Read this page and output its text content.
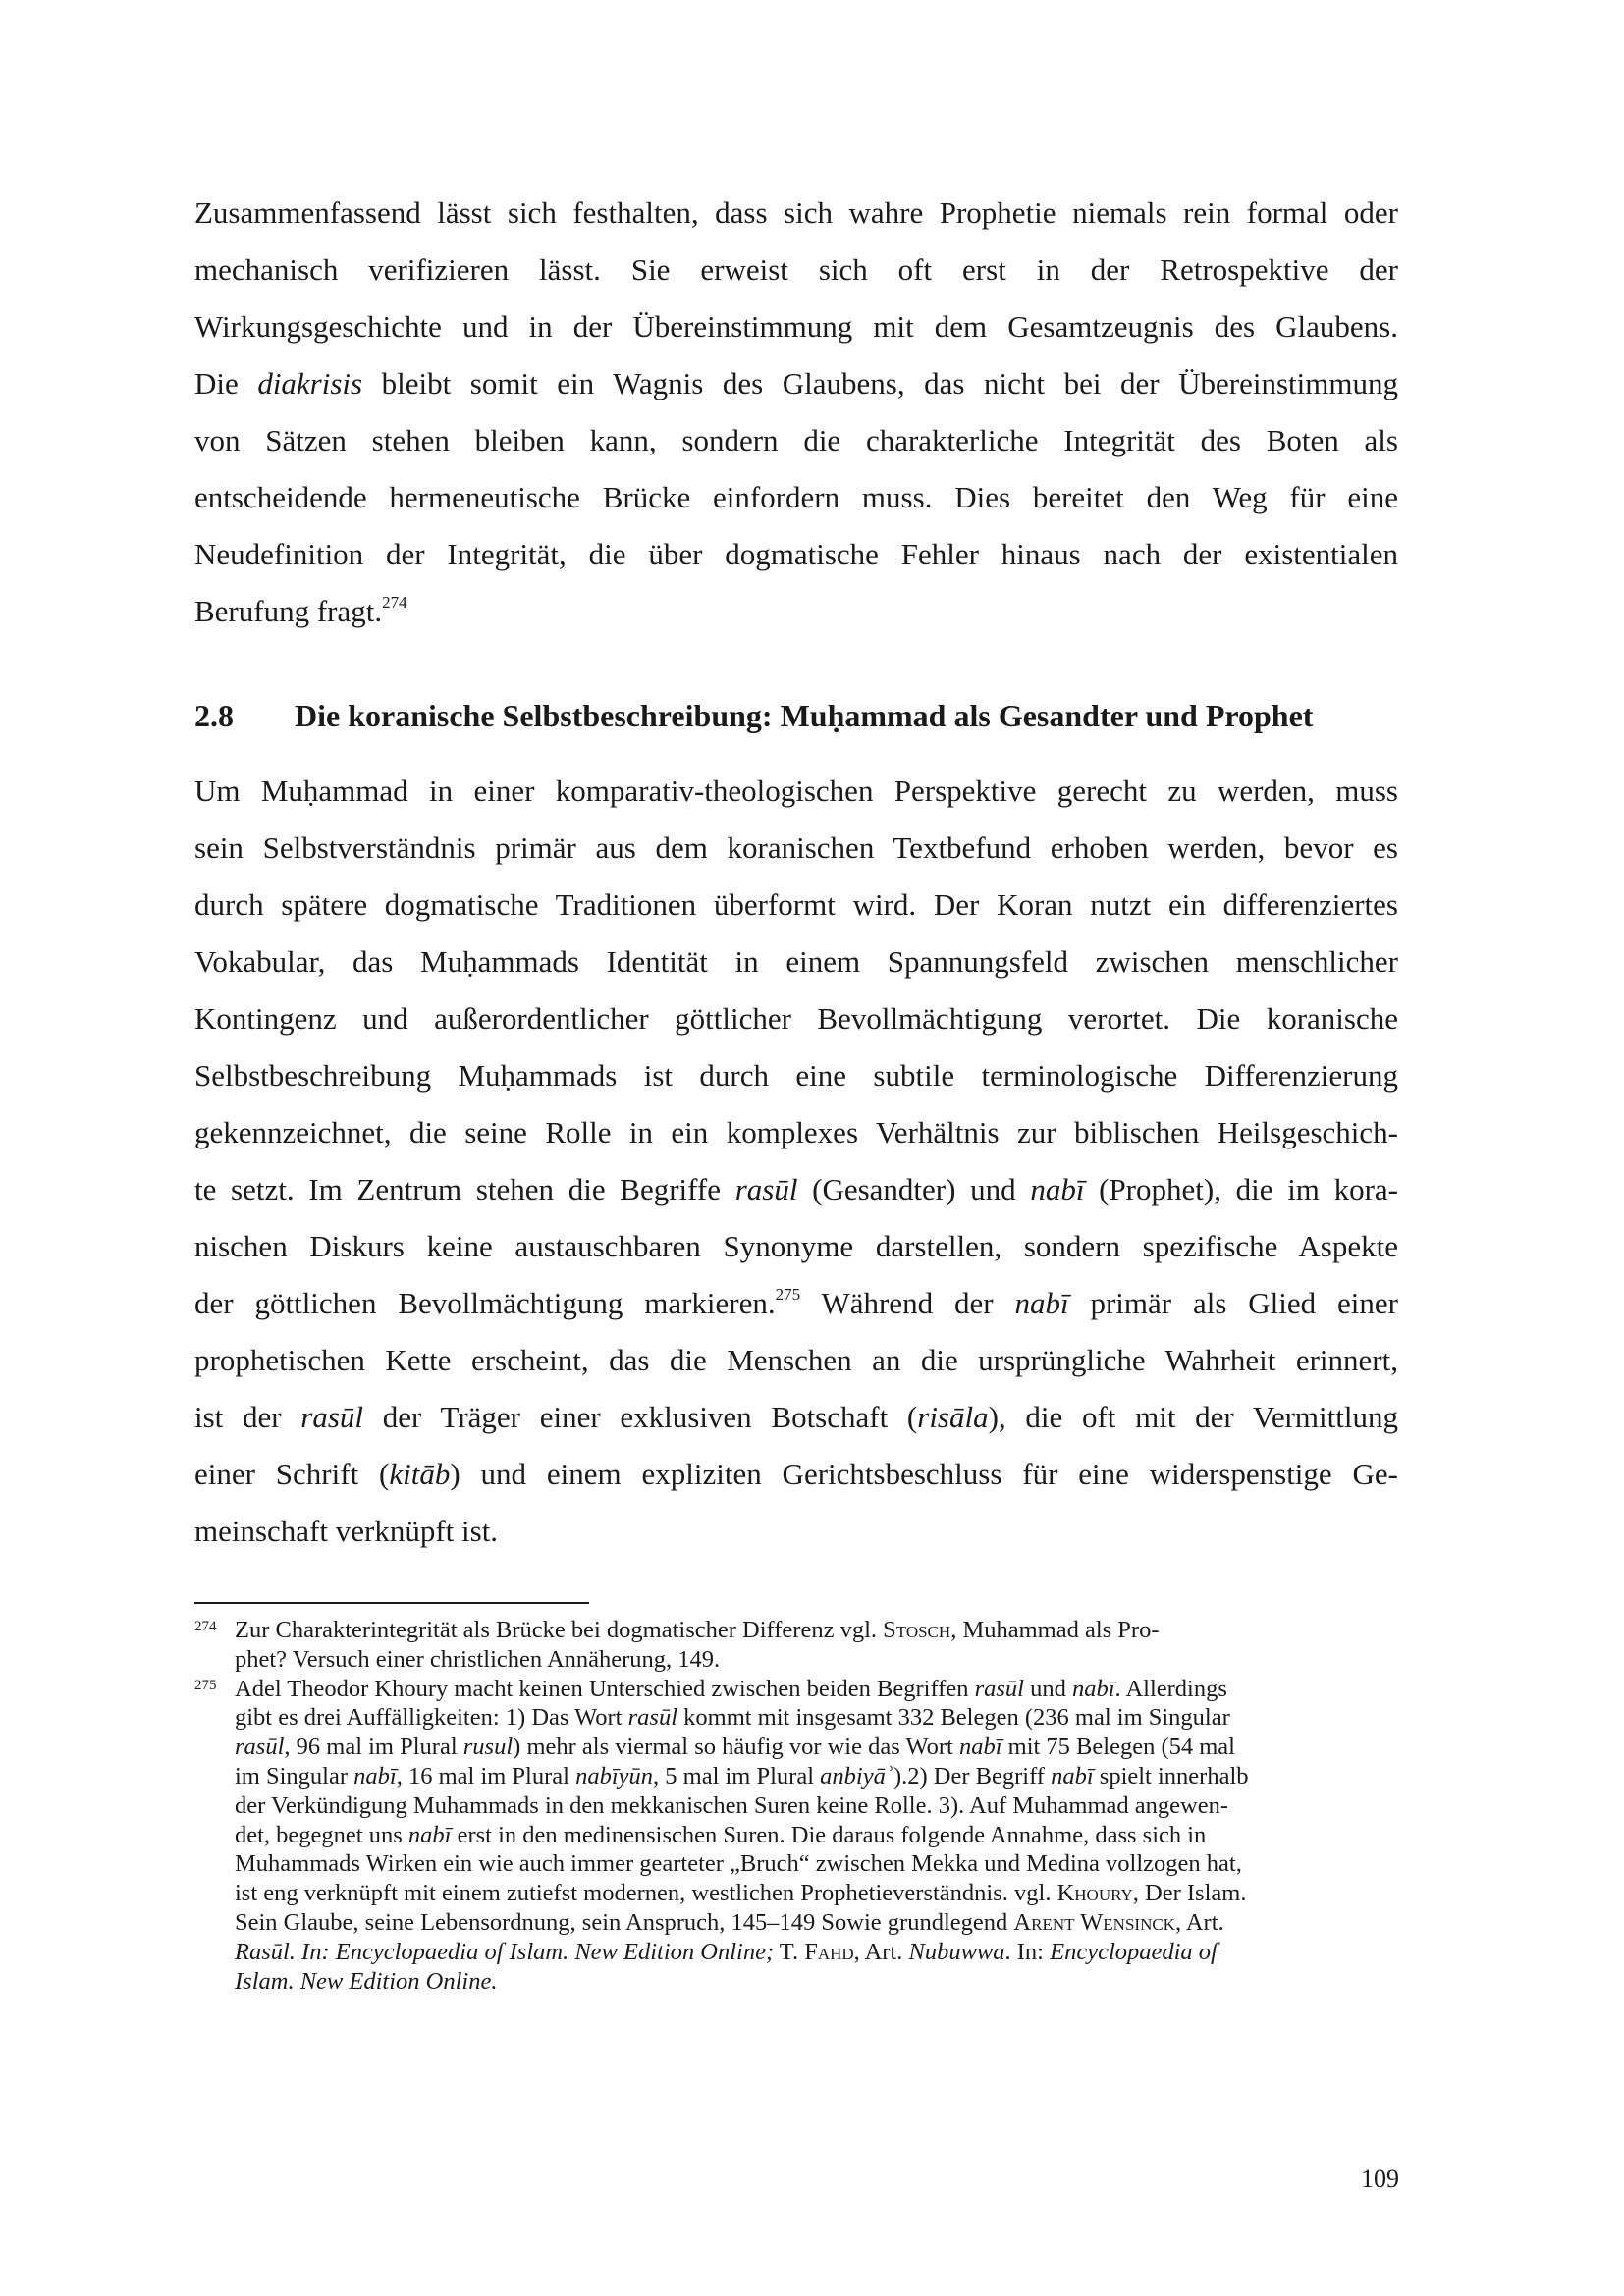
Zusammenfassend lässt sich festhalten, dass sich wahre Prophetie niemals rein formal oder
mechanisch verifizieren lässt. Sie erweist sich oft erst in der Retrospektive der
Wirkungsgeschichte und in der Übereinstimmung mit dem Gesamtzeugnis des Glaubens.
Die diakrisis bleibt somit ein Wagnis des Glaubens, das nicht bei der Übereinstimmung
von Sätzen stehen bleiben kann, sondern die charakterliche Integrität des Boten als
entscheidende hermeneutische Brücke einfordern muss. Dies bereitet den Weg für eine
Neudefinition der Integrität, die über dogmatische Fehler hinaus nach der existentialen
Berufung fragt.$^{274}$
2.8 Die koranische Selbstbeschreibung: Muḥammad als Gesandter und Prophet
Um Muḥammad in einer komparativ-theologischen Perspektive gerecht zu werden, muss
sein Selbstverständnis primär aus dem koranischen Textbefund erhoben werden, bevor es
durch spätere dogmatische Traditionen überformt wird. Der Koran nutzt ein differenziertes
Vokabular, das Muḥammads Identität in einem Spannungsfeld zwischen menschlicher
Kontingenz und außerordentlicher göttlicher Bevollmächtigung verortet. Die koranische
Selbstbeschreibung Muḥammads ist durch eine subtile terminologische Differenzierung
gekennzeichnet, die seine Rolle in ein komplexes Verhältnis zur biblischen Heilsgeschich-
te setzt. Im Zentrum stehen die Begriffe rasūl (Gesandter) und nabī (Prophet), die im kora-
nischen Diskurs keine austauschbaren Synonyme darstellen, sondern spezifische Aspekte
der göttlichen Bevollmächtigung markieren.$^{275}$ Während der nabī primär als Glied einer
prophetischen Kette erscheint, das die Menschen an die ursprüngliche Wahrheit erinnert,
ist der rasūl der Träger einer exklusiven Botschaft (risāla), die oft mit der Vermittlung
einer Schrift (kitāb) und einem expliziten Gerichtsbeschluss für eine widerspenstige Ge-
meinschaft verknüpft ist.
274 Zur Charakterintegrität als Brücke bei dogmatischer Differenz vgl. Stosch, Muhammad als Pro-
phet? Versuch einer christlichen Annäherung, 149.
275 Adel Theodor Khoury macht keinen Unterschied zwischen beiden Begriffen rasūl und nabī. Allerdings
gibt es drei Auffälligkeiten: 1) Das Wort rasūl kommt mit insgesamt 332 Belegen (236 mal im Singular
rasūl, 96 mal im Plural rusul) mehr als viermal so häufig vor wie das Wort nabī mit 75 Belegen (54 mal
im Singular nabī, 16 mal im Plural nabīyūn, 5 mal im Plural anbiyāʾ).2) Der Begriff nabī spielt innerhalb
der Verkündigung Muhammads in den mekkanischen Suren keine Rolle. 3). Auf Muhammad angewen-
det, begegnet uns nabī erst in den medinensischen Suren. Die daraus folgende Annahme, dass sich in
Muhammads Wirken ein wie auch immer gearteter „Bruch“ zwischen Mekka und Medina vollzogen hat,
ist eng verknüpft mit einem zutiefst modernen, westlichen Prophetieverständnis. vgl. Khoury, Der Islam.
Sein Glaube, seine Lebensordnung, sein Anspruch, 145–149 Sowie grundlegend Arent Wensinck, Art.
Rasūl. In: Encyclopaedia of Islam. New Edition Online; T. Fahd, Art. Nubuwwa. In: Encyclopaedia of
Islam. New Edition Online.
109
